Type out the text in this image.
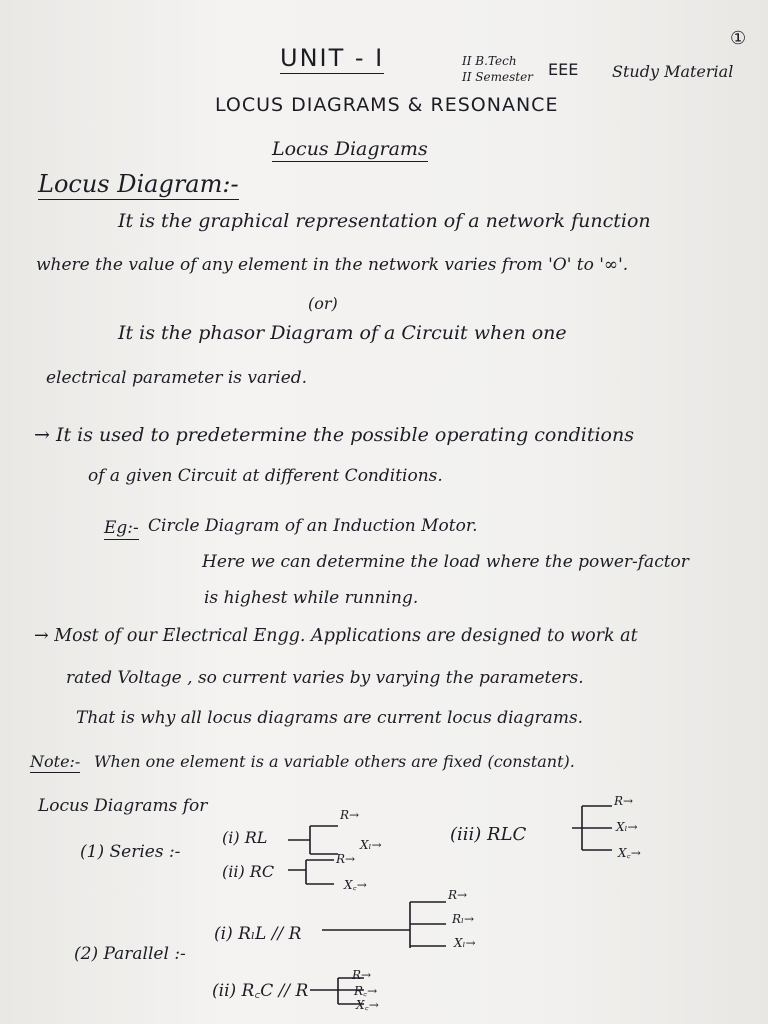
①
UNIT - I	II B.Tech
II Semester EEE Study Material
LOCUS DIAGRAMS & RESONANCE
Locus Diagrams
Locus Diagram:-
It is the graphical representation of a network function
where the value of any element in the network varies from 'O' to '∞'.
(or)
It is the phasor Diagram of a Circuit when one
electrical parameter is varied.
→ It is used to predetermine the possible operating conditions
of a given Circuit at different Conditions.
Eg:- Circle Diagram of an Induction Motor.
Here we can determine the load where the power-factor
is highest while running.
→ Most of our Electrical Engg. Applications are designed to work at
rated Voltage , so current varies by varying the parameters.
That is why all locus diagrams are current locus diagrams.
Note:- When one element is a variable others are fixed (constant).
Locus Diagrams for
(1) Series :-
(i) RL
(ii) RC
R→
Xₗ→
R→
X꜀→
(iii) RLC
R→
Xₗ→
X꜀→
(2) Parallel :-
(i) RₗL // R
(ii) R꜀C // R
R→
Rₗ→
Xₗ→
R→
R꜀→
X꜀→
